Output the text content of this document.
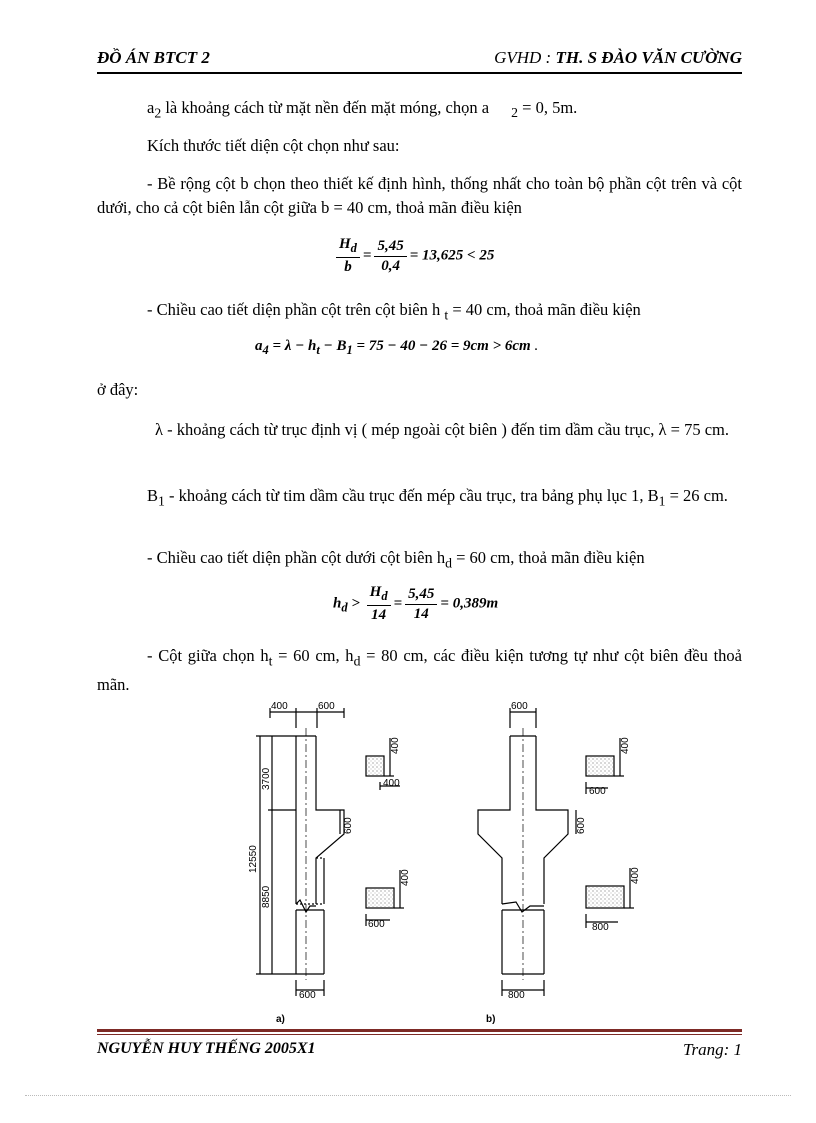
ĐỒ ÁN BTCT 2	GVHD : TH. S ĐÀO VĂN CƯỜNG
$a_2$ là khoảng cách từ mặt nền đến mặt móng, chọn a $_2$ = 0, 5m.
Kích thước tiết diện cột chọn như sau:
- Bề rộng cột b chọn theo thiết kế định hình, thống nhất cho toàn bộ phần cột trên và cột dưới, cho cả cột biên lẫn cột giữa b = 40 cm, thoả mãn điều kiện
$\frac{H_d}{b} = \frac{5,45}{0,4} = 13,625 < 25$
- Chiều cao tiết diện phần cột trên cột biên h $_t$ = 40 cm, thoả mãn điều kiện
$a_4 = \lambda - h_t - B_1 = 75 - 40 - 26 = 9cm > 6cm$ .
ở đây:
λ - khoảng cách từ trục định vị ( mép ngoài cột biên ) đến tim dầm cầu trục, λ = 75 cm.
$B_1$ - khoảng cách từ tim dầm cầu trục đến mép cầu trục, tra bảng phụ lục 1, $B_1 = 26$ cm.
- Chiều cao tiết diện phần cột dưới cột biên $h_d = 60$ cm, thoả mãn điều kiện
$h_d > \frac{H_d}{14} = \frac{5,45}{14} = 0,389m$
- Cột giữa chọn $h_t = 60$ cm, $h_d = 80$ cm, các điều kiện tương tự như cột biên đều thoả mãn.
400	600
12550
3700
8850
600
600
400
400
400
600
a)
600
600
800
400
600
400
800
b)
NGUYỄN HUY THẾNG 2005X1	Trang: 1
